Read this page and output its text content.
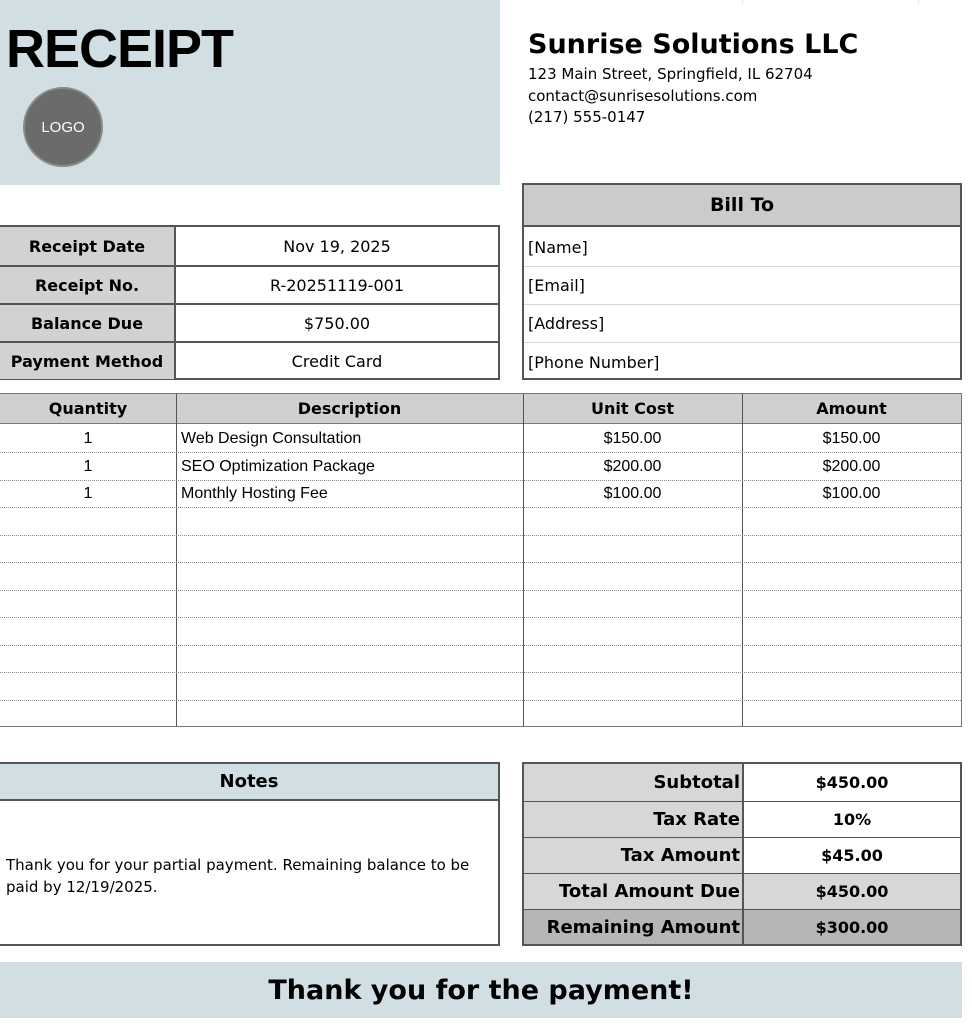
RECEIPT
LOGO
Sunrise Solutions LLC
123 Main Street, Springfield, IL 62704
contact@sunrisesolutions.com
(217) 555-0147
Receipt Date	Nov 19, 2025
Receipt No.	R-20251119-001
Balance Due	$750.00
Payment Method	Credit Card
Bill To
[Name]
[Email]
[Address]
[Phone Number]
Quantity	Description	Unit Cost	Amount
1	Web Design Consultation	$150.00	$150.00
1	SEO Optimization Package	$200.00	$200.00
1	Monthly Hosting Fee	$100.00	$100.00
Notes
Thank you for your partial payment. Remaining balance to be paid by 12/19/2025.
Subtotal	$450.00
Tax Rate	10%
Tax Amount	$45.00
Total Amount Due	$450.00
Remaining Amount	$300.00
Thank you for the payment!
